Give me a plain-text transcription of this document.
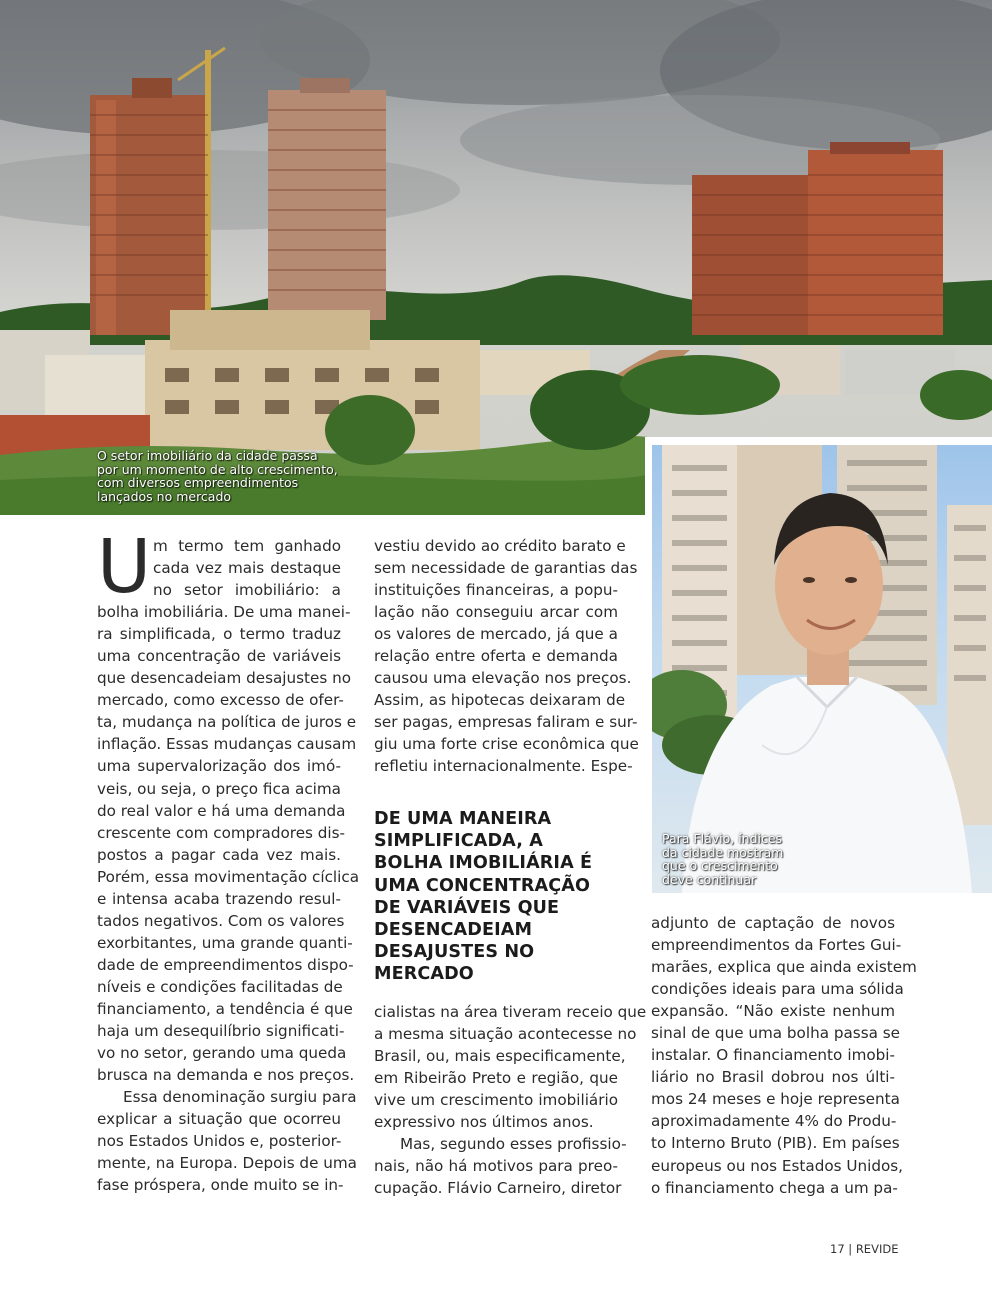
O setor imobiliário da cidade passa
por um momento de alto crescimento,
com diversos empreendimentos
lançados no mercado
Para Flávio, índices
da cidade mostram
que o crescimento
deve continuar
U m termo tem ganhado
cada vez mais destaque
no setor imobiliário: a
bolha imobiliária. De uma manei-
ra simplificada, o termo traduz
uma concentração de variáveis
que desencadeiam desajustes no
mercado, como excesso de ofer-
ta, mudança na política de juros e
inflação. Essas mudanças causam
uma supervalorização dos imó-
veis, ou seja, o preço fica acima
do real valor e há uma demanda
crescente com compradores dis-
postos a pagar cada vez mais.
Porém, essa movimentação cíclica
e intensa acaba trazendo resul-
tados negativos. Com os valores
exorbitantes, uma grande quanti-
dade de empreendimentos dispo-
níveis e condições facilitadas de
financiamento, a tendência é que
haja um desequilíbrio significati-
vo no setor, gerando uma queda
brusca na demanda e nos preços.
Essa denominação surgiu para
explicar a situação que ocorreu
nos Estados Unidos e, posterior-
mente, na Europa. Depois de uma
fase próspera, onde muito se in-
vestiu devido ao crédito barato e
sem necessidade de garantias das
instituições financeiras, a popu-
lação não conseguiu arcar com
os valores de mercado, já que a
relação entre oferta e demanda
causou uma elevação nos preços.
Assim, as hipotecas deixaram de
ser pagas, empresas faliram e sur-
giu uma forte crise econômica que
refletiu internacionalmente. Espe-
DE UMA MANEIRA
SIMPLIFICADA, A
BOLHA IMOBILIÁRIA É
UMA CONCENTRAÇÃO
DE VARIÁVEIS QUE
DESENCADEIAM
DESAJUSTES NO
MERCADO
cialistas na área tiveram receio que
a mesma situação acontecesse no
Brasil, ou, mais especificamente,
em Ribeirão Preto e região, que
vive um crescimento imobiliário
expressivo nos últimos anos.
Mas, segundo esses profissio-
nais, não há motivos para preo-
cupação. Flávio Carneiro, diretor
adjunto de captação de novos
empreendimentos da Fortes Gui-
marães, explica que ainda existem
condições ideais para uma sólida
expansão. “Não existe nenhum
sinal de que uma bolha passa se
instalar. O financiamento imobi-
liário no Brasil dobrou nos últi-
mos 24 meses e hoje representa
aproximadamente 4% do Produ-
to Interno Bruto (PIB). Em países
europeus ou nos Estados Unidos,
o financiamento chega a um pa-
17 | REVIDE
